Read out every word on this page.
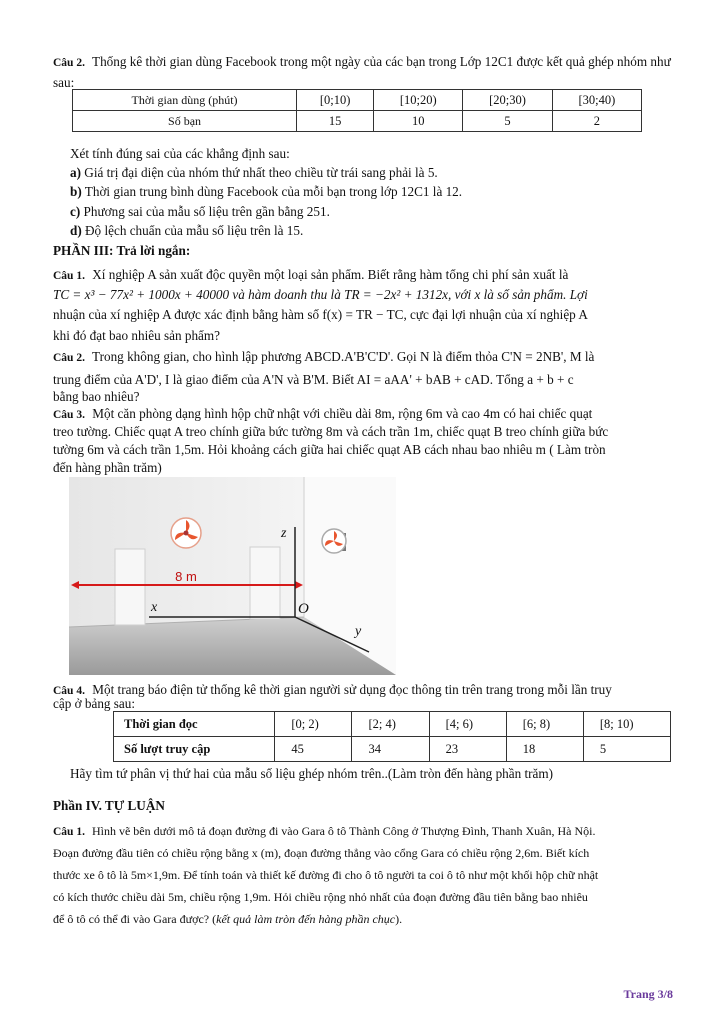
Câu 2. Thống kê thời gian dùng Facebook trong một ngày của các bạn trong Lớp 12C1 được kết quả ghép nhóm như sau:

Thời gian dùng (phút)	[0;10)	[10;20)	[20;30)	[30;40)
Số bạn	15	10	5	2

Xét tính đúng sai của các khẳng định sau:

a) Giá trị đại diện của nhóm thứ nhất theo chiều từ trái sang phải là 5.

b) Thời gian trung bình dùng Facebook của mỗi bạn trong lớp 12C1 là 12.

c) Phương sai của mẫu số liệu trên gần bằng 251.

d) Độ lệch chuẩn của mẫu số liệu trên là 15.

PHẦN III: Trả lời ngắn:

Câu 1. Xí nghiệp A sản xuất độc quyền một loại sản phẩm. Biết rằng hàm tổng chi phí sản xuất là

TC = x³ − 77x² + 1000x + 40000 và hàm doanh thu là TR = −2x² + 1312x, với x là số sản phẩm. Lợi

nhuận của xí nghiệp A được xác định bằng hàm số f(x) = TR − TC, cực đại lợi nhuận của xí nghiệp A

khi đó đạt bao nhiêu sản phẩm?

Câu 2. Trong không gian, cho hình lập phương ABCD.A'B'C'D'. Gọi N là điểm thỏa C'N = 2NB', M là

trung điểm của A'D', I là giao điểm của A'N và B'M. Biết AI = aAA' + bAB + cAD. Tổng a + b + c

bằng bao nhiêu?

Câu 3. Một căn phòng dạng hình hộp chữ nhật với chiều dài 8m, rộng 6m và cao 4m có hai chiếc quạt

treo tường. Chiếc quạt A treo chính giữa bức tường 8m và cách trần 1m, chiếc quạt B treo chính giữa bức

tường 6m và cách trần 1,5m. Hỏi khoảng cách giữa hai chiếc quạt AB cách nhau bao nhiêu m ( Làm tròn

đến hàng phần trăm)

8 m
x
y
z
O

Câu 4. Một trang báo điện tử thống kê thời gian người sử dụng đọc thông tin trên trang trong mỗi lần truy

cập ở bảng sau:

Thời gian đọc	[0; 2)	[2; 4)	[4; 6)	[6; 8)	[8; 10)
Số lượt truy cập	45	34	23	18	5

Hãy tìm tứ phân vị thứ hai của mẫu số liệu ghép nhóm trên..(Làm tròn đến hàng phần trăm)

Phần IV. TỰ LUẬN

Câu 1. Hình vẽ bên dưới mô tả đoạn đường đi vào Gara ô tô Thành Công ở Thượng Đình, Thanh Xuân, Hà Nội.

Đoạn đường đầu tiên có chiều rộng bằng x (m), đoạn đường thẳng vào cổng Gara có chiều rộng 2,6m. Biết kích

thước xe ô tô là 5m×1,9m. Để tính toán và thiết kế đường đi cho ô tô người ta coi ô tô như một khối hộp chữ nhật

có kích thước chiều dài 5m, chiều rộng 1,9m. Hỏi chiều rộng nhỏ nhất của đoạn đường đầu tiên bằng bao nhiêu

để ô tô có thể đi vào Gara được? (kết quả làm tròn đến hàng phần chục).

Trang 3/8
